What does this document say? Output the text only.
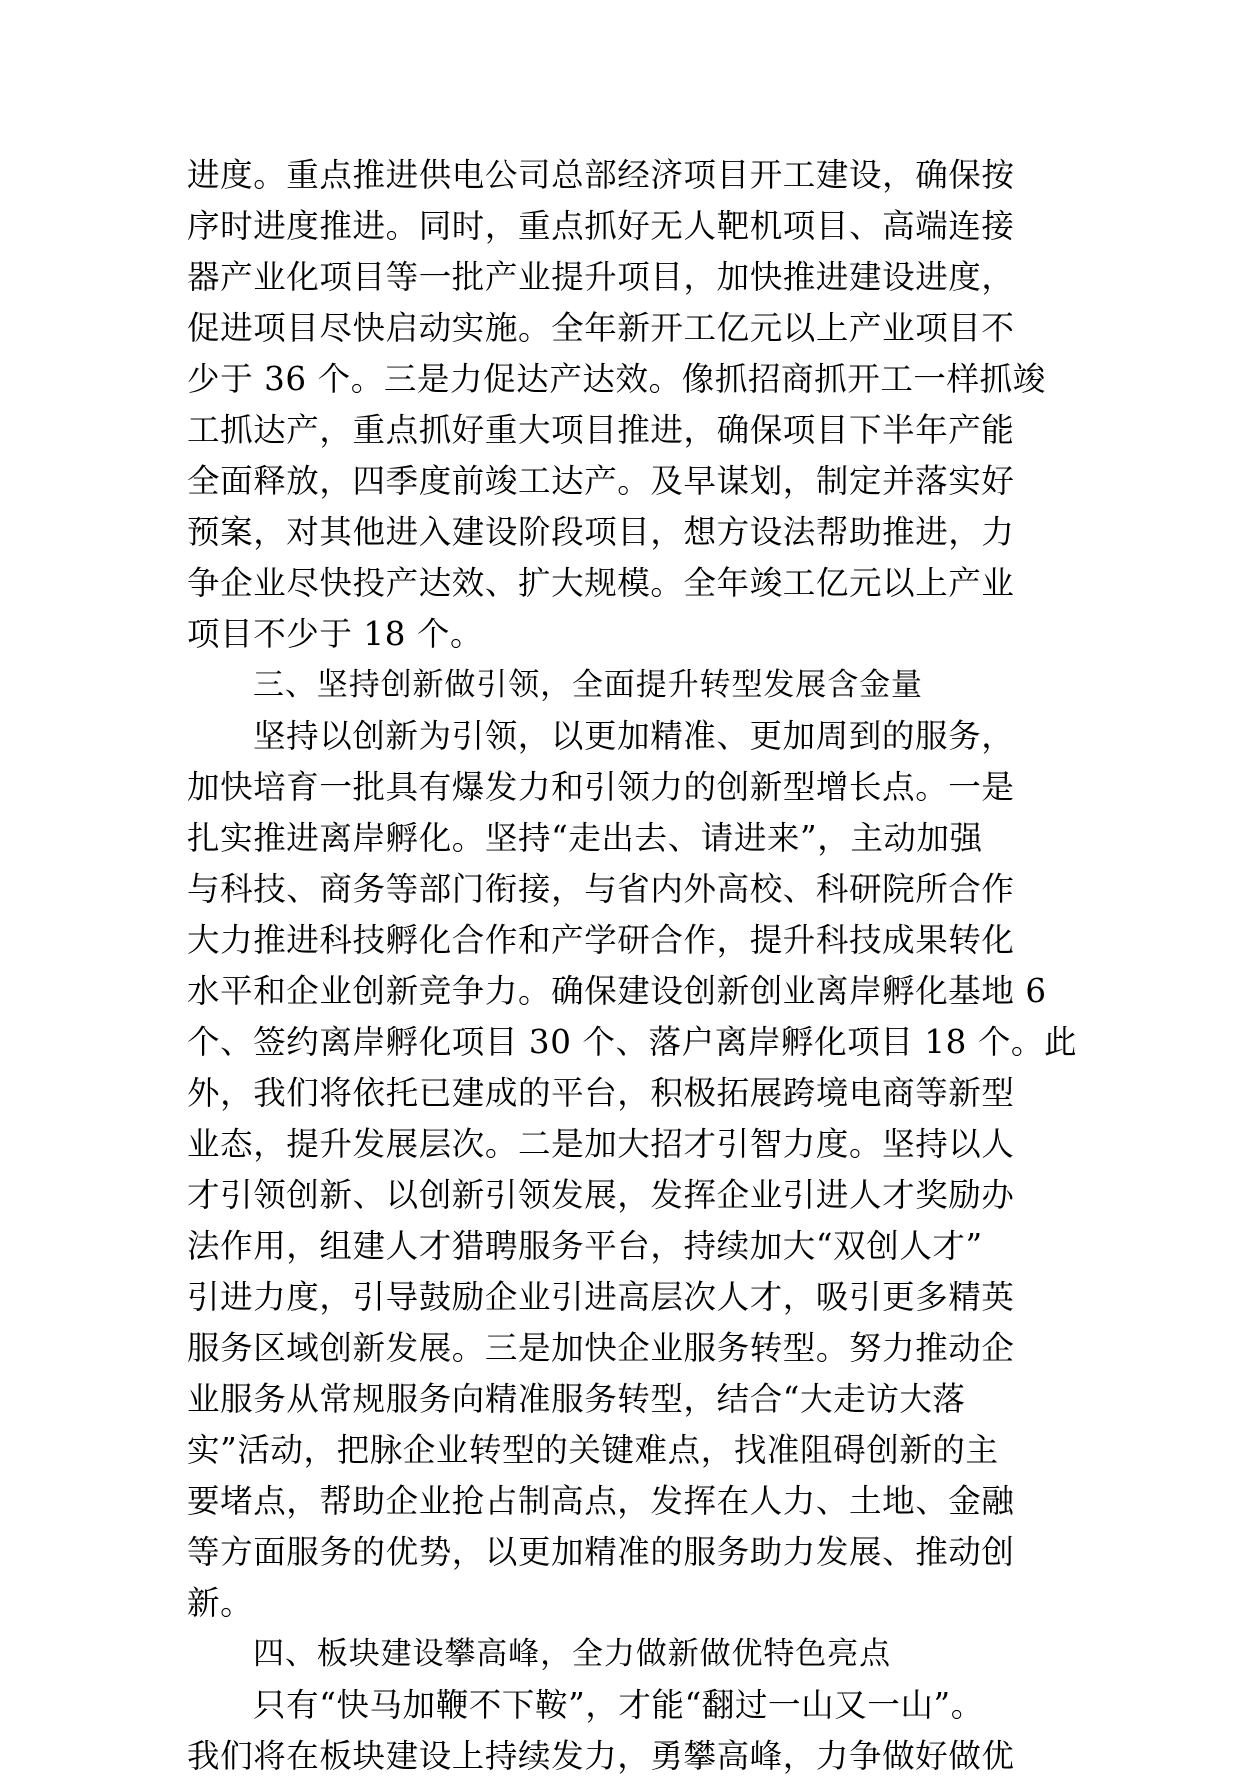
进度。重点推进供电公司总部经济项目开工建设，确保按
序时进度推进。同时，重点抓好无人靶机项目、高端连接
器产业化项目等一批产业提升项目，加快推进建设进度，
促进项目尽快启动实施。全年新开工亿元以上产业项目不
少于 36 个。三是力促达产达效。像抓招商抓开工一样抓竣
工抓达产，重点抓好重大项目推进，确保项目下半年产能
全面释放，四季度前竣工达产。及早谋划，制定并落实好
预案，对其他进入建设阶段项目，想方设法帮助推进，力
争企业尽快投产达效、扩大规模。全年竣工亿元以上产业
项目不少于 18 个。
三、坚持创新做引领，全面提升转型发展含金量
坚持以创新为引领，以更加精准、更加周到的服务，
加快培育一批具有爆发力和引领力的创新型增长点。一是
扎实推进离岸孵化。坚持“走出去、请进来”，主动加强
与科技、商务等部门衔接，与省内外高校、科研院所合作
大力推进科技孵化合作和产学研合作，提升科技成果转化
水平和企业创新竞争力。确保建设创新创业离岸孵化基地 6
个、签约离岸孵化项目 30 个、落户离岸孵化项目 18 个。此
外，我们将依托已建成的平台，积极拓展跨境电商等新型
业态，提升发展层次。二是加大招才引智力度。坚持以人
才引领创新、以创新引领发展，发挥企业引进人才奖励办
法作用，组建人才猎聘服务平台，持续加大“双创人才”
引进力度，引导鼓励企业引进高层次人才，吸引更多精英
服务区域创新发展。三是加快企业服务转型。努力推动企
业服务从常规服务向精准服务转型，结合“大走访大落
实”活动，把脉企业转型的关键难点，找准阻碍创新的主
要堵点，帮助企业抢占制高点，发挥在人力、土地、金融
等方面服务的优势，以更加精准的服务助力发展、推动创
新。
四、板块建设攀高峰，全力做新做优特色亮点
只有“快马加鞭不下鞍”，才能“翻过一山又一山”。
我们将在板块建设上持续发力，勇攀高峰，力争做好做优
